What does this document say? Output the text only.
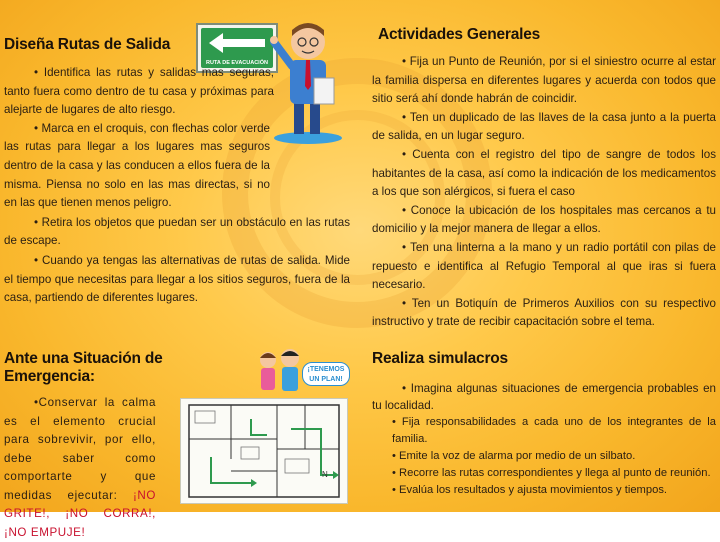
RUTA DE EVACUACIÓN
Diseña Rutas de Salida

• Identifica las rutas y salidas mas seguras, tanto fuera como dentro de tu casa y próximas para alejarte de lugares de alto riesgo.

• Marca en el croquis, con flechas color verde las rutas para llegar a los lugares mas seguros dentro de la casa y las conducen a ellos fuera de la misma. Piensa no solo en las mas directas, si no en las que tienen menos peligro.

• Retira los objetos que puedan ser un obstáculo en las rutas de escape.

• Cuando ya tengas las alternativas de rutas de salida. Mide el tiempo que necesitas para llegar a los sitios seguros, fuera de la casa, partiendo de diferentes lugares.

Ante una Situación de Emergencia:

•Conservar la calma es el elemento crucial para sobrevivir, por ello, debe saber como comportarte y que medidas ejecutar: ¡NO GRITE!, ¡NO CORRA!, ¡NO EMPUJE!

¡TENEMOS UN PLAN!
N
Actividades Generales

• Fija un Punto de Reunión, por si el siniestro ocurre al estar la familia dispersa en diferentes lugares y acuerda con todos que sitio será ahí donde habrán de coincidir.

• Ten un duplicado de las llaves de la casa junto a la puerta de salida, en un lugar seguro.

• Cuenta con el registro del tipo de sangre de todos los habitantes de la casa, así como la indicación de los medicamentos a los que son alérgicos, si fuera el caso

• Conoce la ubicación de los hospitales mas cercanos a tu domicilio y la mejor manera de llegar a ellos.

• Ten una linterna a la mano y un radio portátil con pilas de repuesto e identifica al Refugio Temporal al que iras si fuera necesario.

• Ten un Botiquín de Primeros Auxilios con su respectivo instructivo y trate de recibir capacitación sobre el tema.

Realiza simulacros

• Imagina algunas situaciones de emergencia probables en tu localidad.

• Fija responsabilidades a cada uno de los integrantes de la familia.

• Emite la voz de alarma por medio de un silbato.

• Recorre las rutas correspondientes y llega al punto de reunión.

• Evalúa los resultados y ajusta movimientos y tiempos.
